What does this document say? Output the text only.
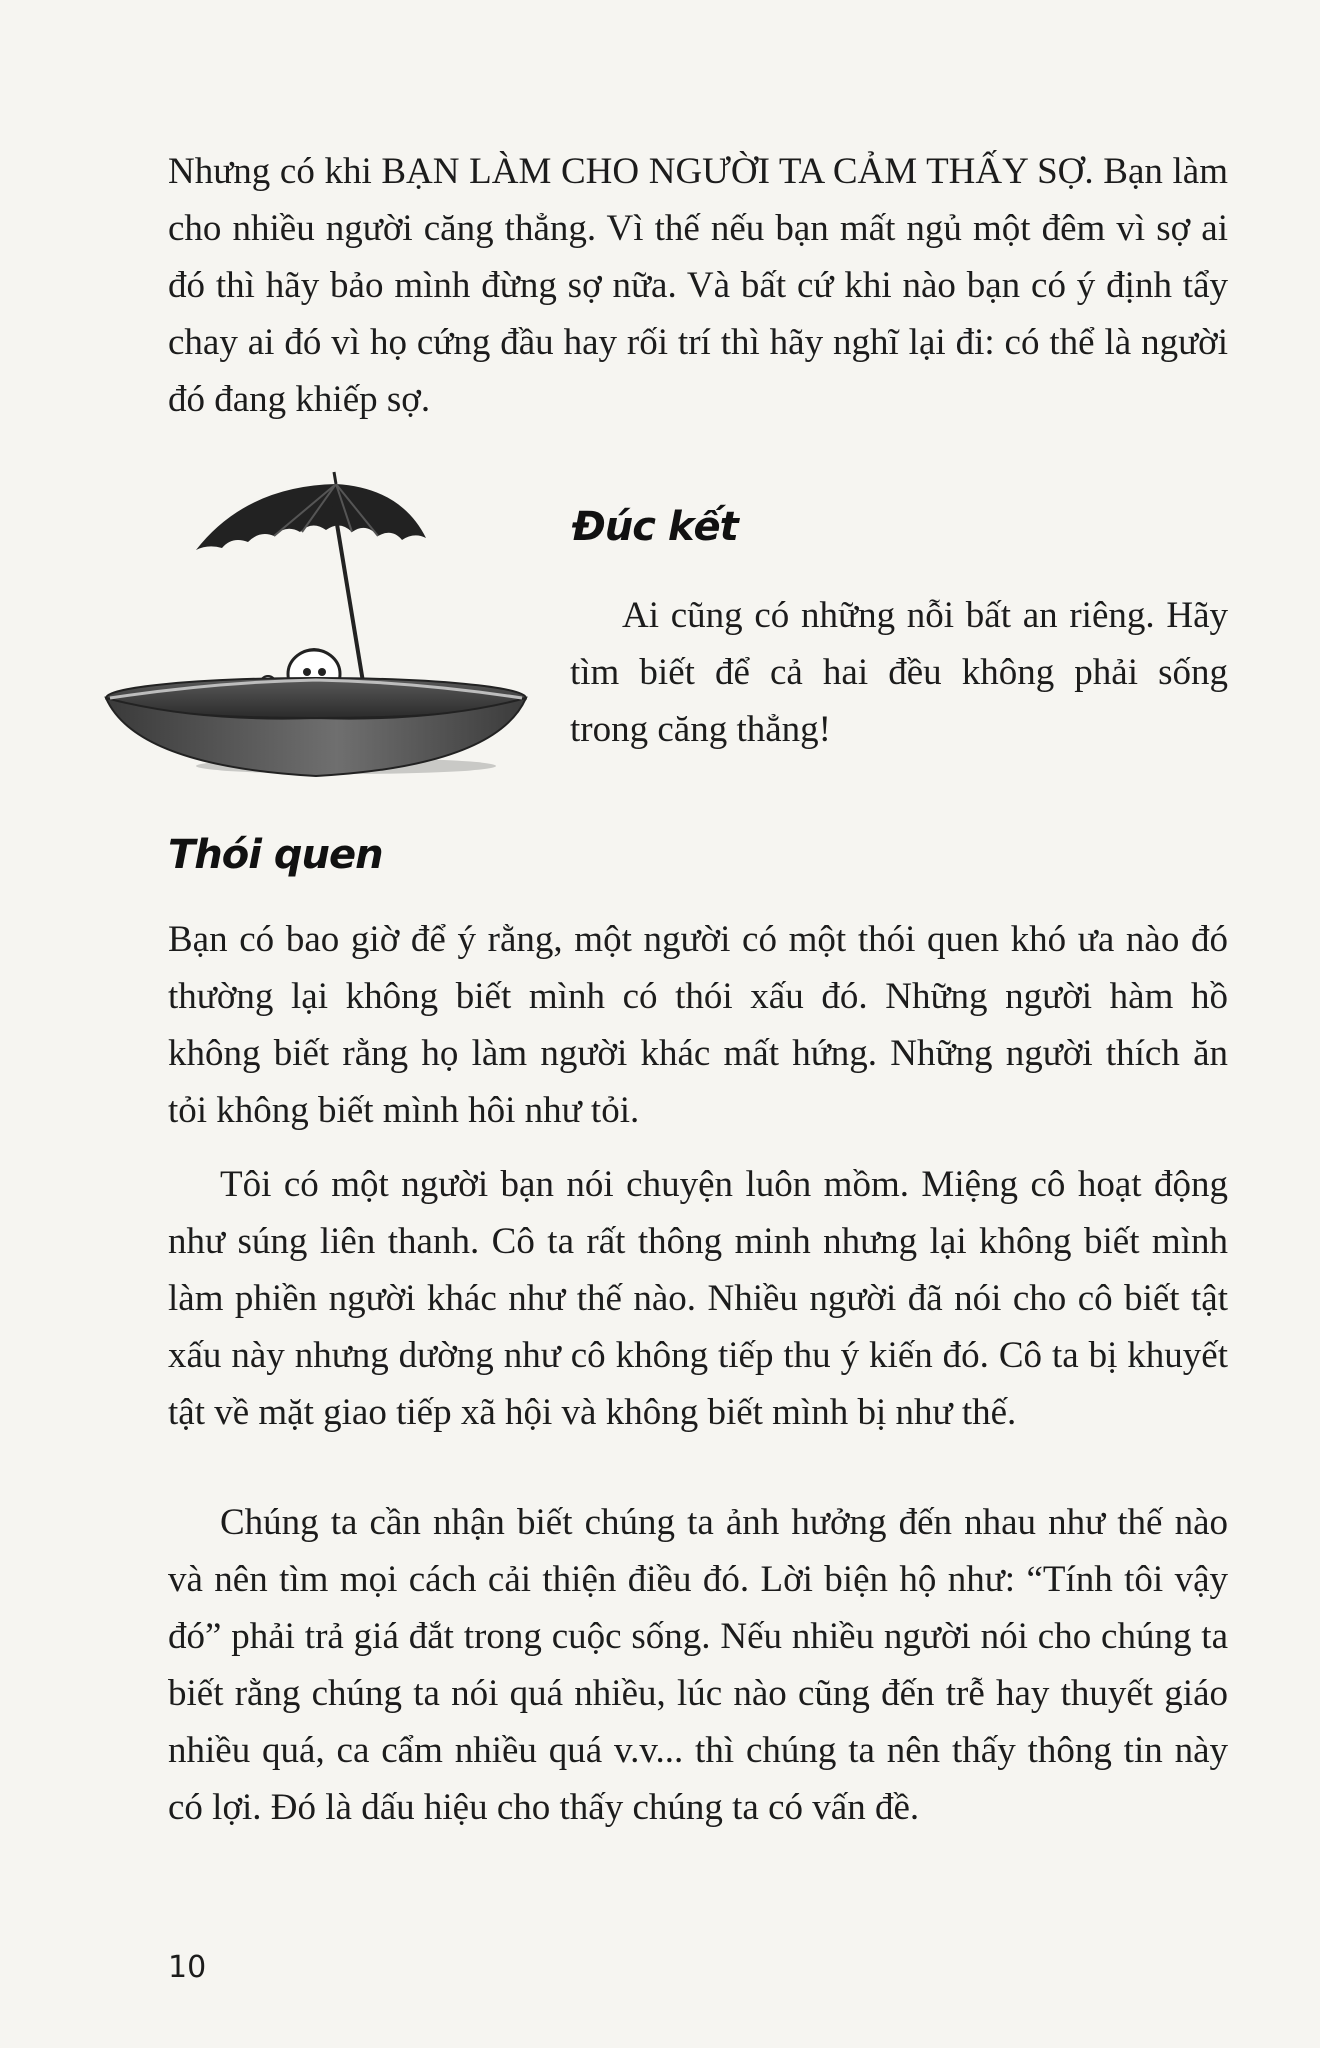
Nhưng có khi BẠN LÀM CHO NGƯỜI TA CẢM THẤY SỢ. Bạn làm cho nhiều người căng thẳng. Vì thế nếu bạn mất ngủ một đêm vì sợ ai đó thì hãy bảo mình đừng sợ nữa. Và bất cứ khi nào bạn có ý định tẩy chay ai đó vì họ cứng đầu hay rối trí thì hãy nghĩ lại đi: có thể là người đó đang khiếp sợ.

Đúc kết

Ai cũng có những nỗi bất an riêng. Hãy tìm biết để cả hai đều không phải sống trong căng thẳng!

Thói quen

Bạn có bao giờ để ý rằng, một người có một thói quen khó ưa nào đó thường lại không biết mình có thói xấu đó. Những người hàm hồ không biết rằng họ làm người khác mất hứng. Những người thích ăn tỏi không biết mình hôi như tỏi.

Tôi có một người bạn nói chuyện luôn mồm. Miệng cô hoạt động như súng liên thanh. Cô ta rất thông minh nhưng lại không biết mình làm phiền người khác như thế nào. Nhiều người đã nói cho cô biết tật xấu này nhưng dường như cô không tiếp thu ý kiến đó. Cô ta bị khuyết tật về mặt giao tiếp xã hội và không biết mình bị như thế.

Chúng ta cần nhận biết chúng ta ảnh hưởng đến nhau như thế nào và nên tìm mọi cách cải thiện điều đó. Lời biện hộ như: “Tính tôi vậy đó” phải trả giá đắt trong cuộc sống. Nếu nhiều người nói cho chúng ta biết rằng chúng ta nói quá nhiều, lúc nào cũng đến trễ hay thuyết giáo nhiều quá, ca cẩm nhiều quá v.v... thì chúng ta nên thấy thông tin này có lợi. Đó là dấu hiệu cho thấy chúng ta có vấn đề.

10
